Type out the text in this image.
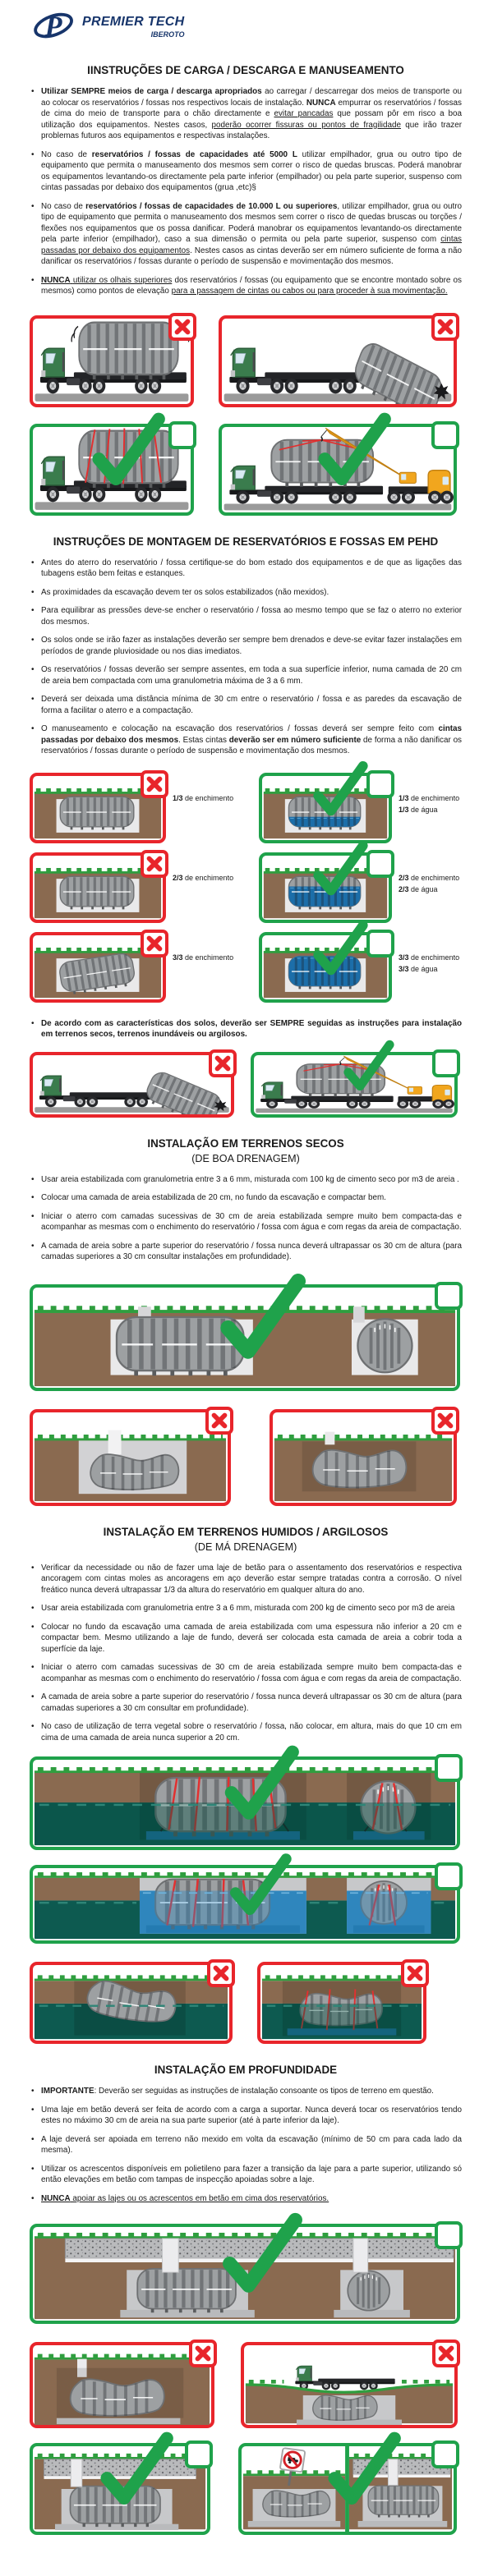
P PREMIER TECH
IBEROTO
IINSTRUÇÕES DE CARGA / DESCARGA E MANUSEAMENTO
• Utilizar SEMPRE meios de carga / descarga apropriados ao carregar / descarregar dos meios de transporte ou ao colocar os reservatórios / fossas nos respectivos locais de instalação. NUNCA empurrar os reservatórios / fossas de cima do meio de transporte para o chão directamente e evitar pancadas que possam pôr em risco a boa utilização dos equipamentos. Nestes casos, poderão ocorrer fissuras ou pontos de fragilidade que irão trazer problemas futuros aos equipamentos e respectivas instalações.
• No caso de reservatórios / fossas de capacidades até 5000 L utilizar empilhador, grua ou outro tipo de equipamento que permita o manuseamento dos mesmos sem correr o risco de quedas bruscas. Poderá manobrar os equipamentos levantando-os directamente pela parte inferior (empilhador) ou pela parte superior, suspenso com cintas passadas por debaixo dos equipamentos (grua ,etc)§
• No caso de reservatórios / fossas de capacidades de 10.000 L ou superiores, utilizar empilhador, grua ou outro tipo de equipamento que permita o manuseamento dos mesmos sem correr o risco de quedas bruscas ou torções / flexões nos equipamentos que os possa danificar. Poderá manobrar os equipamentos levantando-os directamente pela parte inferior (empilhador), caso a sua dimensão o permita ou pela parte superior, suspenso com cintas passadas por debaixo dos equipamentos. Nestes casos as cintas deverão ser em número suficiente de forma a não danificar os reservatórios / fossas durante o período de suspensão e movimentação dos mesmos.
• NUNCA utilizar os olhais superiores dos reservatórios / fossas (ou equipamento que se encontre montado sobre os mesmos) como pontos de elevação para a passagem de cintas ou cabos ou para proceder à sua movimentação.
INSTRUÇÕES DE MONTAGEM DE RESERVATÓRIOS E FOSSAS EM PEHD
• Antes do aterro do reservatório / fossa certifique-se do bom estado dos equipamentos e de que as ligações das tubagens estão bem feitas e estanques.
• As proximidades da escavação devem ter os solos estabilizados (não mexidos).
• Para equilibrar as pressões deve-se encher o reservatório / fossa ao mesmo tempo que se faz o aterro no exterior dos mesmos.
• Os solos onde se irão fazer as instalações deverão ser sempre bem drenados e deve-se evitar fazer instalações em períodos de grande pluviosidade ou nos dias imediatos.
• Os reservatórios / fossas deverão ser sempre assentes, em toda a sua superfície inferior, numa camada de 20 cm de areia bem compactada com uma granulometria máxima de 3 a 6 mm.
• Deverá ser deixada uma distância mínima de 30 cm entre o reservatório / fossa e as paredes da escavação de forma a facilitar o aterro e a compactação.
• O manuseamento e colocação na escavação dos reservatórios / fossas deverá ser sempre feito com cintas passadas por debaixo dos mesmos. Estas cintas deverão ser em número suficiente de forma a não danificar os reservatórios / fossas durante o período de suspensão e movimentação dos mesmos.
1/3 de enchimento	1/3 de enchimento
1/3 de água
2/3 de enchimento	2/3 de enchimento
2/3 de água
3/3 de enchimento	3/3 de enchimento
3/3 de água
• De acordo com as características dos solos, deverão ser SEMPRE seguidas as instruções para instalação em terrenos secos, terrenos inundáveis ou argilosos.
INSTALAÇÃO EM TERRENOS SECOS
(DE BOA DRENAGEM)
• Usar areia estabilizada com granulometria entre 3 a 6 mm, misturada com 100 kg de cimento seco por m3 de areia .
• Colocar uma camada de areia estabilizada de 20 cm, no fundo da escavação e compactar bem.
• Iniciar o aterro com camadas sucessivas de 30 cm de areia estabilizada sempre muito bem compacta-das e acompanhar as mesmas com o enchimento do reservatório / fossa com água e com regas da areia de compactação.
• A camada de areia sobre a parte superior do reservatório / fossa nunca deverá ultrapassar os 30 cm de altura (para camadas superiores a 30 cm consultar instalações em profundidade).
INSTALAÇÃO EM TERRENOS HUMIDOS / ARGILOSOS
(DE MÁ DRENAGEM)
• Verificar da necessidade ou não de fazer uma laje de betão para o assentamento dos reservatórios e respectiva ancoragem com cintas moles as ancoragens em aço deverão estar sempre tratadas contra a corrosão. O nível freático nunca deverá ultrapassar 1/3 da altura do reservatório em qualquer altura do ano.
• Usar areia estabilizada com granulometria entre 3 a 6 mm, misturada com 200 kg de cimento seco por m3 de areia
• Colocar no fundo da escavação uma camada de areia estabilizada com uma espessura não inferior a 20 cm e compactar bem. Mesmo utilizando a laje de fundo, deverá ser colocada esta camada de areia a cobrir toda a superfície da laje.
• Iniciar o aterro com camadas sucessivas de 30 cm de areia estabilizada sempre muito bem compacta-das e acompanhar as mesmas com o enchimento do reservatório / fossa com água e com regas da areia de compactação.
• A camada de areia sobre a parte superior do reservatório / fossa nunca deverá ultrapassar os 30 cm de altura (para camadas superiores a 30 cm consultar em profundidade).
• No caso de utilização de terra vegetal sobre o reservatório / fossa, não colocar, em altura, mais do que 10 cm em cima de uma camada de areia nunca superior a 20 cm.
INSTALAÇÃO EM PROFUNDIDADE
• IMPORTANTE: Deverão ser seguidas as instruções de instalação consoante os tipos de terreno em questão.
• Uma laje em betão deverá ser feita de acordo com a carga a suportar. Nunca deverá tocar os reservatórios tendo estes no máximo 30 cm de areia na sua parte superior (até à parte inferior da laje).
• A laje deverá ser apoiada em terreno não mexido em volta da escavação (mínimo de 50 cm para cada lado da mesma).
• Utilizar os acrescentos disponíveis em polietileno para fazer a transição da laje para a parte superior, utilizando só então elevações em betão com tampas de inspecção apoiadas sobre a laje.
• NUNCA apoiar as lajes ou os acrescentos em betão em cima dos reservatórios.
